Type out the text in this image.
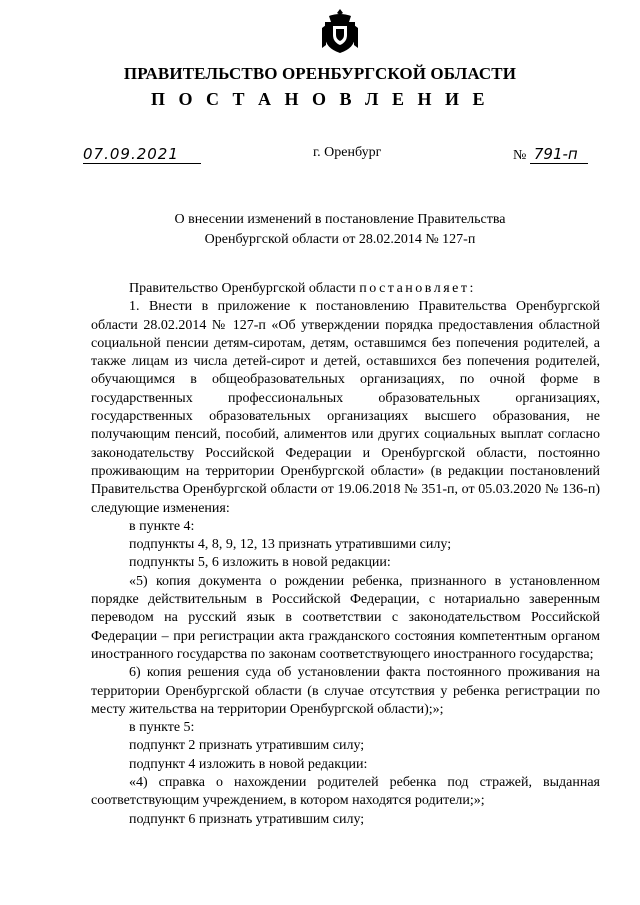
ПРАВИТЕЛЬСТВО ОРЕНБУРГСКОЙ ОБЛАСТИ
П О С Т А Н О В Л Е Н И Е
07.09.2021	г. Оренбург	№ 791-п
О внесении изменений в постановление Правительства
Оренбургской области от 28.02.2014 № 127-п

Правительство Оренбургской области постановляет:

1. Внести в приложение к постановлению Правительства Оренбургской области 28.02.2014 № 127-п «Об утверждении порядка предоставления областной социальной пенсии детям-сиротам, детям, оставшимся без попечения родителей, а также лицам из числа детей-сирот и детей, оставшихся без попечения родителей, обучающимся в общеобразовательных организациях, по очной форме в государственных профессиональных образовательных организациях, государственных образовательных организациях высшего образования, не получающим пенсий, пособий, алиментов или других социальных выплат согласно законодательству Российской Федерации и Оренбургской области, постоянно проживающим на территории Оренбургской области» (в редакции постановлений Правительства Оренбургской области от 19.06.2018 № 351-п, от 05.03.2020 № 136-п) следующие изменения:

в пункте 4:

подпункты 4, 8, 9, 12, 13 признать утратившими силу;

подпункты 5, 6 изложить в новой редакции:

«5) копия документа о рождении ребенка, признанного в установленном порядке действительным в Российской Федерации, с нотариально заверенным переводом на русский язык в соответствии с законодательством Российской Федерации – при регистрации акта гражданского состояния компетентным органом иностранного государства по законам соответствующего иностранного государства;

6) копия решения суда об установлении факта постоянного проживания на территории Оренбургской области (в случае отсутствия у ребенка регистрации по месту жительства на территории Оренбургской области);»;

в пункте 5:

подпункт 2 признать утратившим силу;

подпункт 4 изложить в новой редакции:

«4) справка о нахождении родителей ребенка под стражей, выданная соответствующим учреждением, в котором находятся родители;»;

подпункт 6 признать утратившим силу;
